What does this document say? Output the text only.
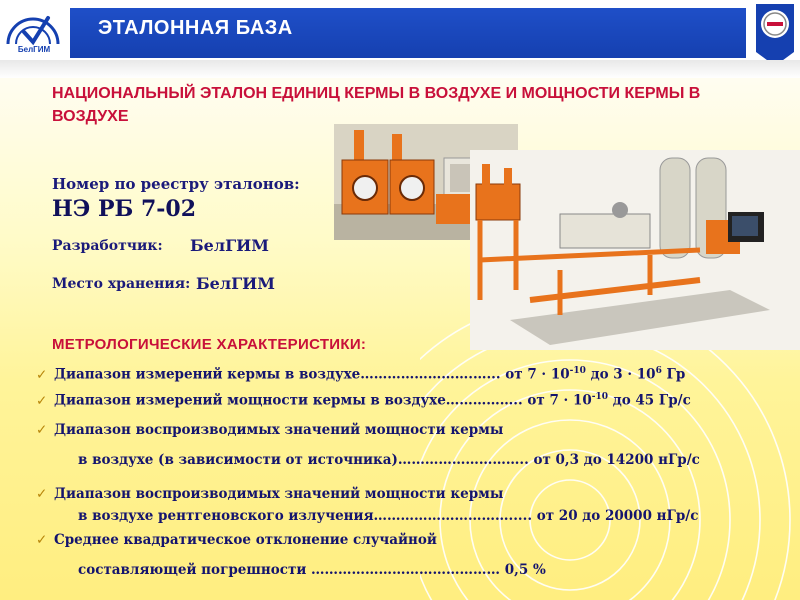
БелГИМ
ЭТАЛОННАЯ БАЗА
НАЦИОНАЛЬНЫЙ ЭТАЛОН ЕДИНИЦ КЕРМЫ В ВОЗДУХЕ И МОЩНОСТИ КЕРМЫ В ВОЗДУХЕ
Номер по реестру эталонов:
НЭ РБ 7-02
Разработчик: БелГИМ
Место хранения: БелГИМ
МЕТРОЛОГИЧЕСКИЕ ХАРАКТЕРИСТИКИ:
✓ Диапазон измерений кермы в воздухе…………………….…... от $7 \cdot 10^{-10}$ до $3 \cdot 10^6$ Гр
✓ Диапазон измерений мощности кермы в воздухе…………….. от $7 \cdot 10^{-10}$ до 45 Гр/с
✓ Диапазон воспроизводимых значений мощности кермы
в воздухе (в зависимости от источника)……………………….. от 0,3 до 14200 нГр/с
✓ Диапазон воспроизводимых значений мощности кермы
в воздухе рентгеновского излучения…………………………..... от 20 до 20000 нГр/с
✓ Среднее квадратическое отклонение случайной
составляющей погрешности …………………………………… 0,5 %
